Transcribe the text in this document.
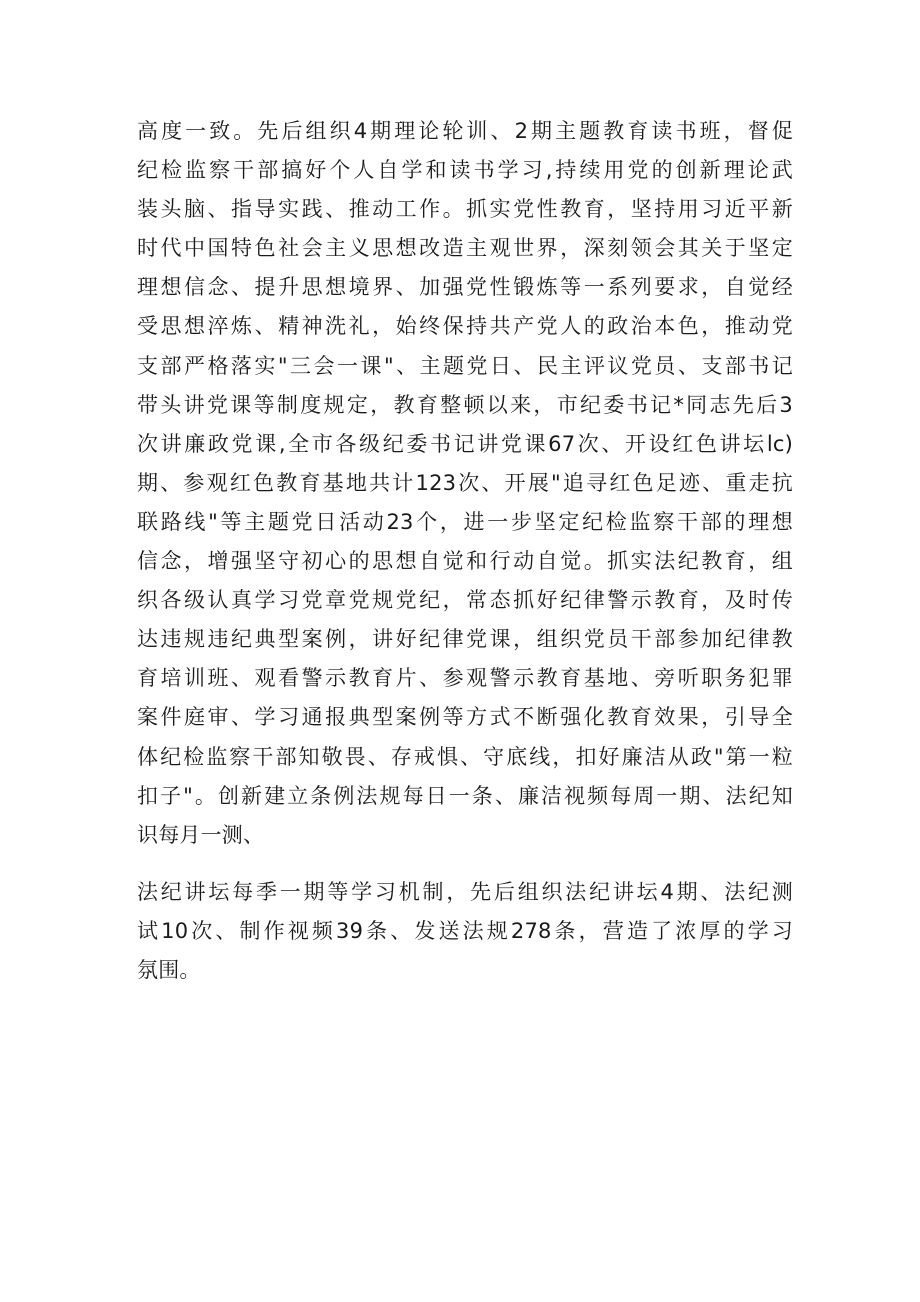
高度一致。先后组织4期理论轮训、2期主题教育读书班，督促
纪检监察干部搞好个人自学和读书学习,持续用党的创新理论武
装头脑、指导实践、推动工作。抓实党性教育，坚持用习近平新
时代中国特色社会主义思想改造主观世界，深刻领会其关于坚定
理想信念、提升思想境界、加强党性锻炼等一系列要求，自觉经
受思想淬炼、精神洗礼，始终保持共产党人的政治本色，推动党
支部严格落实"三会一课"、主题党日、民主评议党员、支部书记
带头讲党课等制度规定，教育整顿以来，市纪委书记*同志先后3
次讲廉政党课,全市各级纪委书记讲党课67次、开设红色讲坛lc)
期、参观红色教育基地共计123次、开展"追寻红色足迹、重走抗
联路线"等主题党日活动23个，进一步坚定纪检监察干部的理想
信念，增强坚守初心的思想自觉和行动自觉。抓实法纪教育，组
织各级认真学习党章党规党纪，常态抓好纪律警示教育，及时传
达违规违纪典型案例，讲好纪律党课，组织党员干部参加纪律教
育培训班、观看警示教育片、参观警示教育基地、旁听职务犯罪
案件庭审、学习通报典型案例等方式不断强化教育效果，引导全
体纪检监察干部知敬畏、存戒惧、守底线，扣好廉洁从政"第一粒
扣子"。创新建立条例法规每日一条、廉洁视频每周一期、法纪知
识每月一测、
法纪讲坛每季一期等学习机制，先后组织法纪讲坛4期、法纪测
试10次、制作视频39条、发送法规278条，营造了浓厚的学习
氛围。
